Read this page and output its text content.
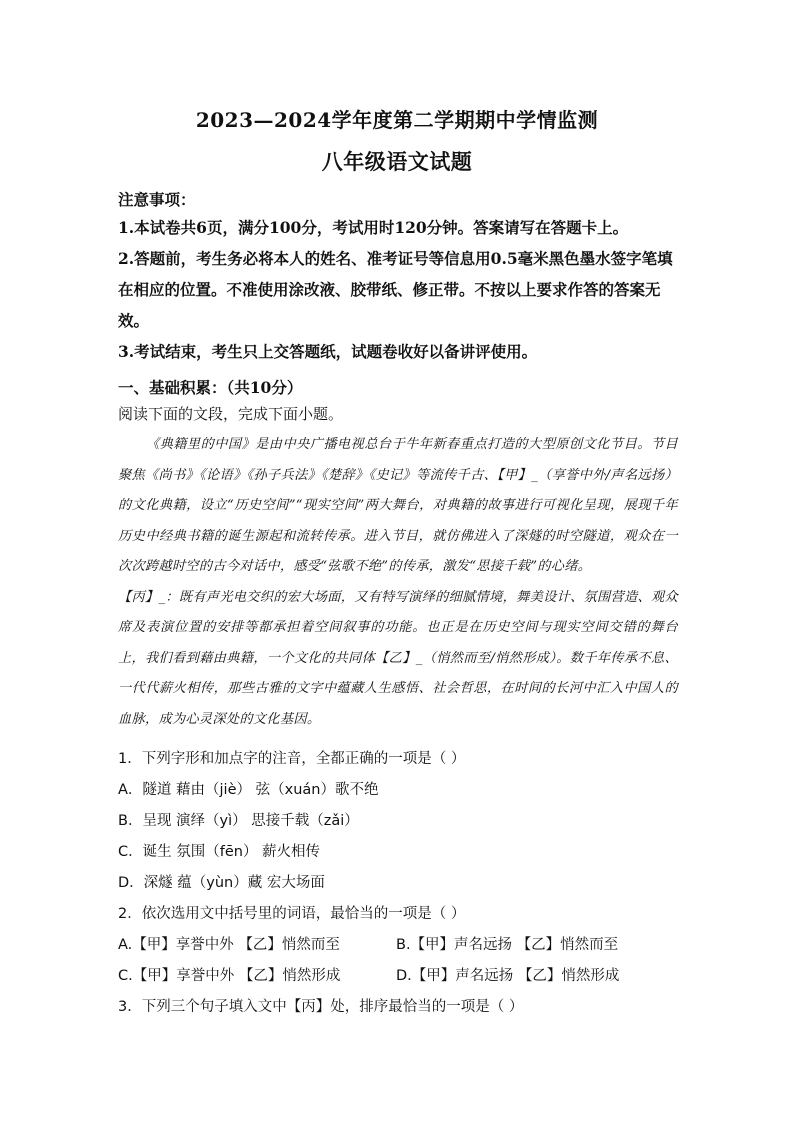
2023—2024学年度第二学期期中学情监测
八年级语文试题
注意事项：

1.本试卷共6页，满分100分，考试用时120分钟。答案请写在答题卡上。

2.答题前，考生务必将本人的姓名、准考证号等信息用0.5毫米黑色墨水签字笔填在相应的位置。不准使用涂改液、胶带纸、修正带。不按以上要求作答的答案无效。

3.考试结束，考生只上交答题纸，试题卷收好以备讲评使用。

一、基础积累：（共10分）
阅读下面的文段，完成下面小题。

《典籍里的中国》是由中央广播电视总台于牛年新春重点打造的大型原创文化节目。节目聚焦《尚书》《论语》《孙子兵法》《楚辞》《史记》等流传千古、【甲】_（享誉中外/声名远扬）的文化典籍，设立“历史空间”“现实空间”两大舞台，对典籍的故事进行可视化呈现，展现千年历史中经典书籍的诞生源起和流转传承。进入节目，就仿佛进入了深燧的时空隧道，观众在一次次跨越时空的古今对话中，感受“弦歌不绝”的传承，激发“思接千载”的心绪。

【丙】_：既有声光电交织的宏大场面，又有特写演绎的细腻情境，舞美设计、氛围营造、观众席及表演位置的安排等都承担着空间叙事的功能。也正是在历史空间与现实空间交错的舞台上，我们看到藉由典籍，一个文化的共同体【乙】_（悄然而至/悄然形成）。数千年传承不息、一代代薪火相传，那些古雅的文字中蕴藏人生感悟、社会哲思，在时间的长河中汇入中国人的血脉，成为心灵深处的文化基因。

1．下列字形和加点字的注音，全都正确的一项是（ ）
A．隧道 藉由（jiè） 弦（xuán）歌不绝
B．呈现 演绎（yì） 思接千载（zǎi）
C．诞生 氛围（fēn） 薪火相传
D．深燧 蕴（yùn）藏 宏大场面
2．依次选用文中括号里的词语，最恰当的一项是（ ）
A.【甲】享誉中外 【乙】悄然而至	B.【甲】声名远扬 【乙】悄然而至
C.【甲】享誉中外 【乙】悄然形成	D.【甲】声名远扬 【乙】悄然形成
3．下列三个句子填入文中【丙】处，排序最恰当的一项是（ ）
